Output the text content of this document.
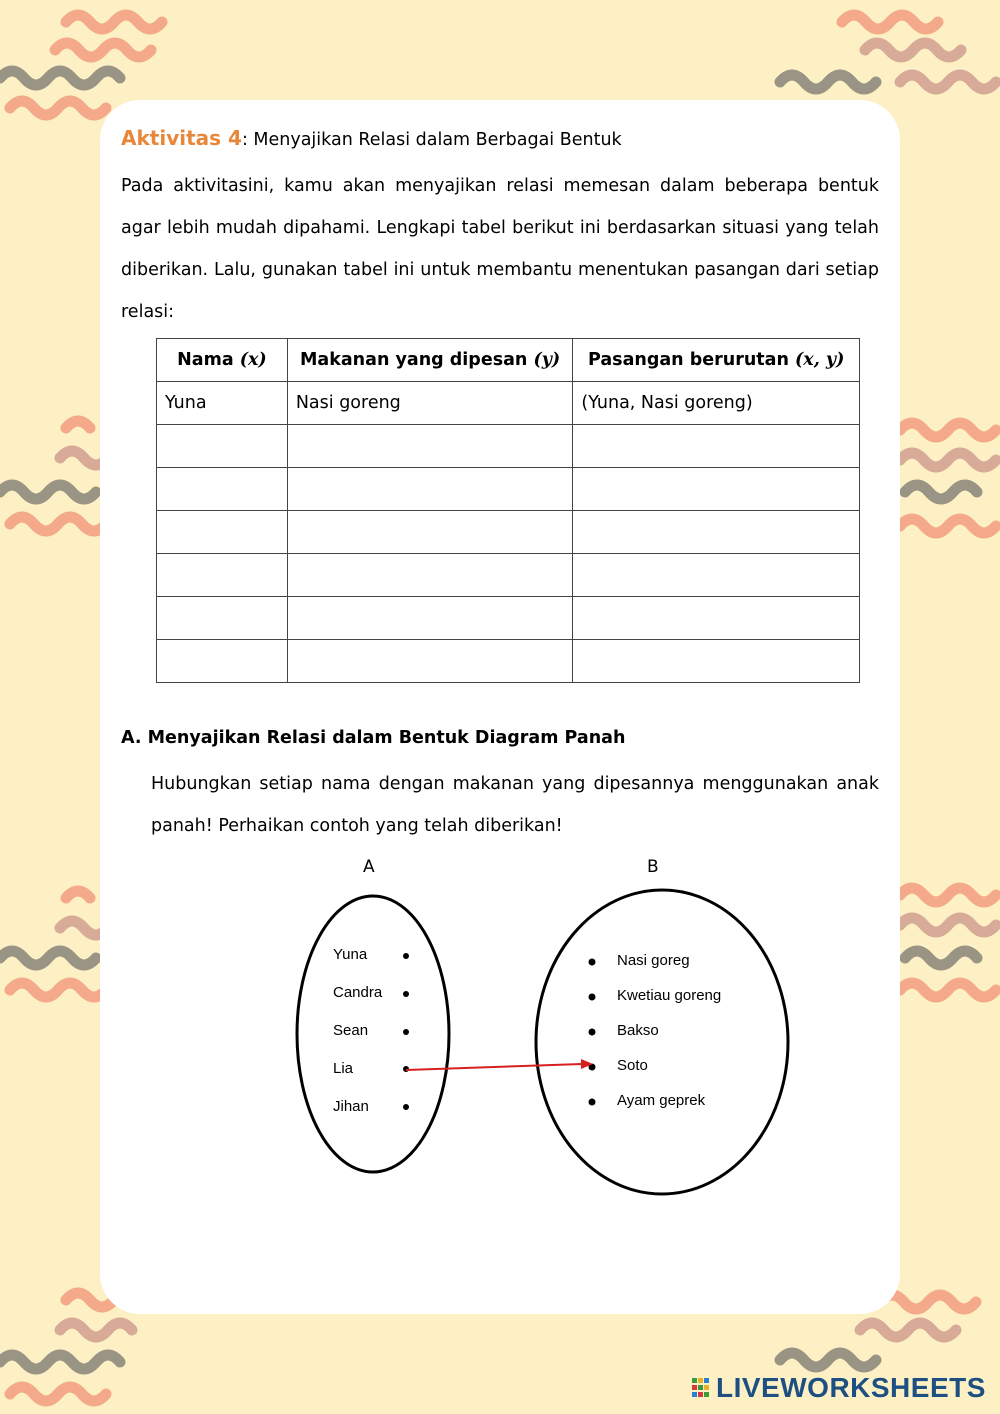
Aktivitas 4: Menyajikan Relasi dalam Berbagai Bentuk
Pada aktivitasini, kamu akan menyajikan relasi memesan dalam beberapa bentuk agar lebih mudah dipahami. Lengkapi tabel berikut ini berdasarkan situasi yang telah diberikan. Lalu, gunakan tabel ini untuk membantu menentukan pasangan dari setiap relasi:
Nama (x)	Makanan yang dipesan (y)	Pasangan berurutan (x, y)
Yuna	Nasi goreng	(Yuna, Nasi goreng)

A. Menyajikan Relasi dalam Bentuk Diagram Panah
Hubungkan setiap nama dengan makanan yang dipesannya menggunakan anak panah! Perhaikan contoh yang telah diberikan!
A	B
Yuna
Candra
Sean
Lia
Jihan
Nasi goreg
Kwetiau goreng
Bakso
Soto
Ayam geprek
LIVEWORKSHEETS
